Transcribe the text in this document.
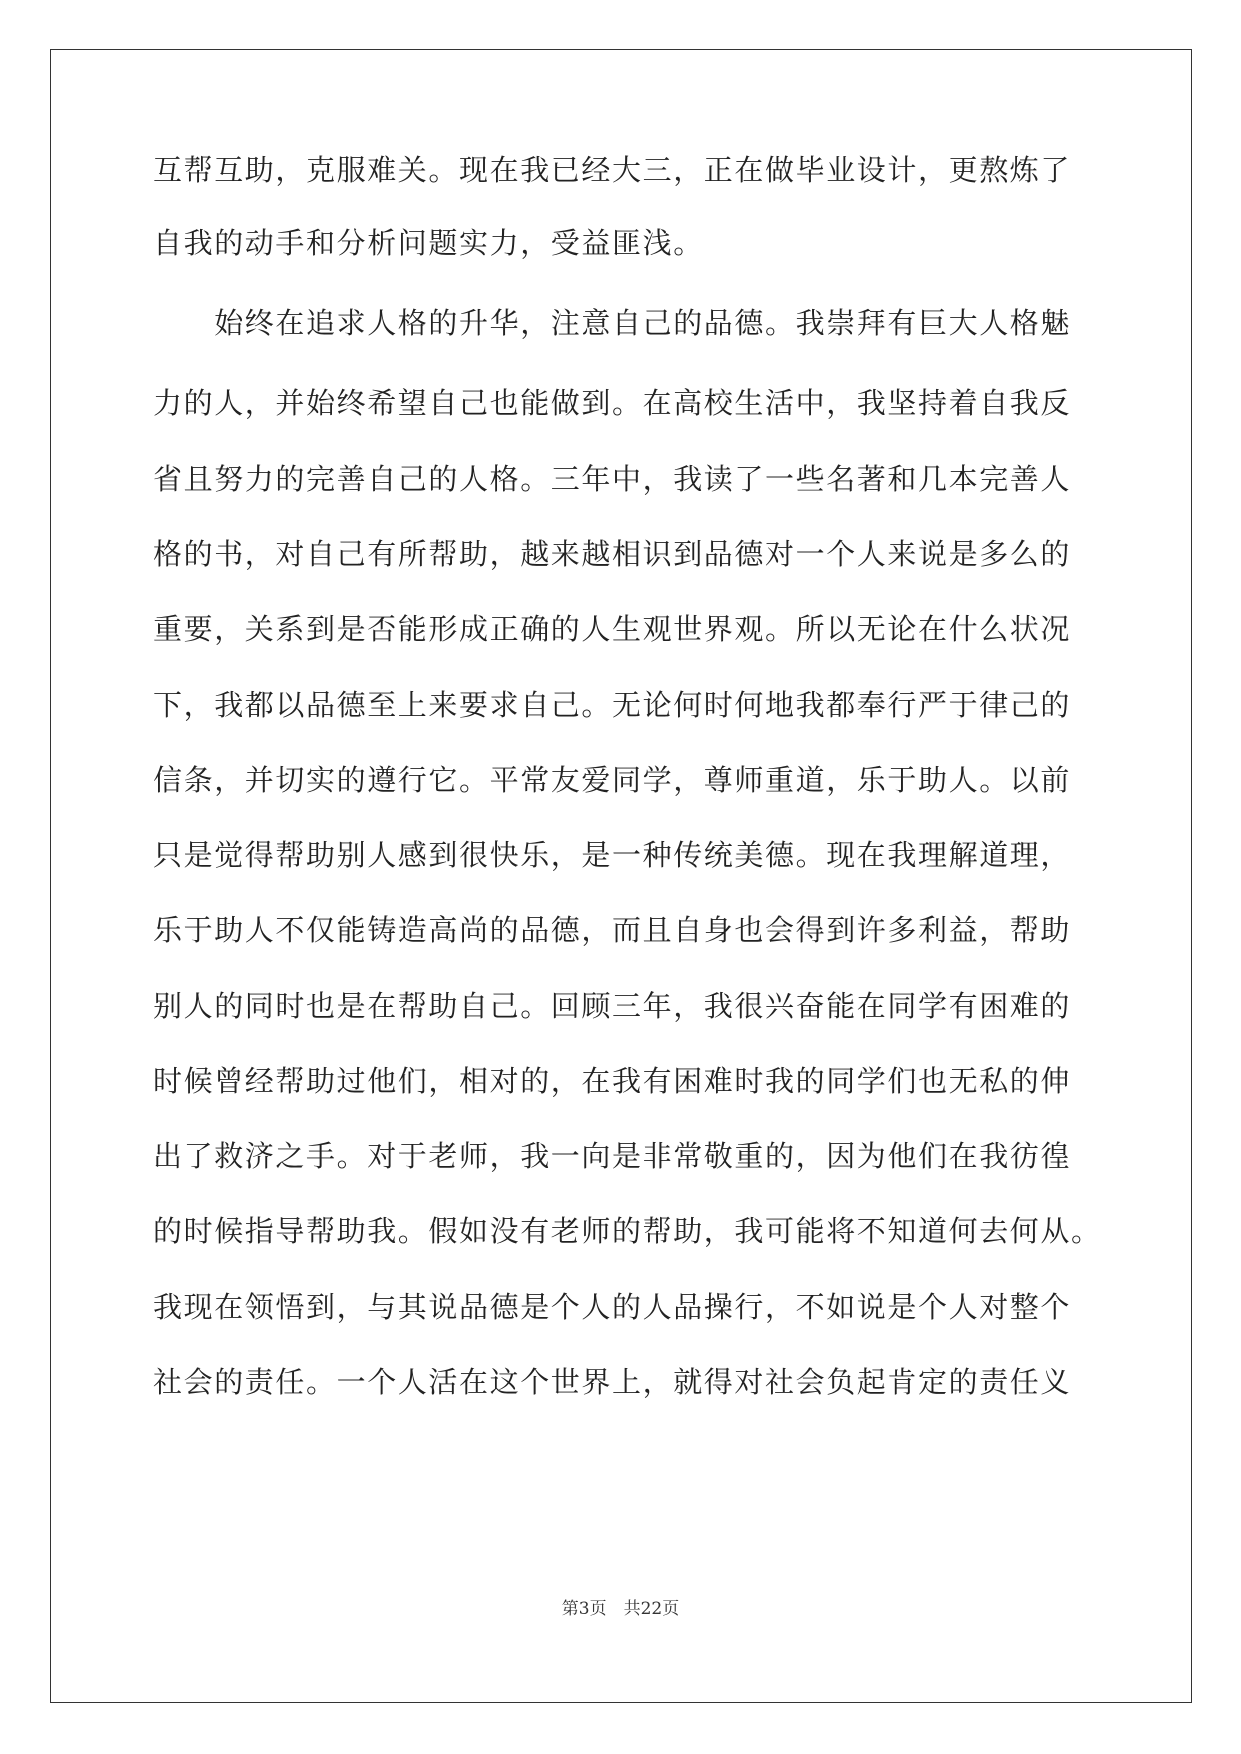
互帮互助，克服难关。现在我已经大三，正在做毕业设计，更熬炼了
自我的动手和分析问题实力，受益匪浅。
　　始终在追求人格的升华，注意自己的品德。我崇拜有巨大人格魅
力的人，并始终希望自己也能做到。在高校生活中，我坚持着自我反
省且努力的完善自己的人格。三年中，我读了一些名著和几本完善人
格的书，对自己有所帮助，越来越相识到品德对一个人来说是多么的
重要，关系到是否能形成正确的人生观世界观。所以无论在什么状况
下，我都以品德至上来要求自己。无论何时何地我都奉行严于律己的
信条，并切实的遵行它。平常友爱同学，尊师重道，乐于助人。以前
只是觉得帮助别人感到很快乐，是一种传统美德。现在我理解道理，
乐于助人不仅能铸造高尚的品德，而且自身也会得到许多利益，帮助
别人的同时也是在帮助自己。回顾三年，我很兴奋能在同学有困难的
时候曾经帮助过他们，相对的，在我有困难时我的同学们也无私的伸
出了救济之手。对于老师，我一向是非常敬重的，因为他们在我彷徨
的时候指导帮助我。假如没有老师的帮助，我可能将不知道何去何从。
我现在领悟到，与其说品德是个人的人品操行，不如说是个人对整个
社会的责任。一个人活在这个世界上，就得对社会负起肯定的责任义
第3页　共22页
